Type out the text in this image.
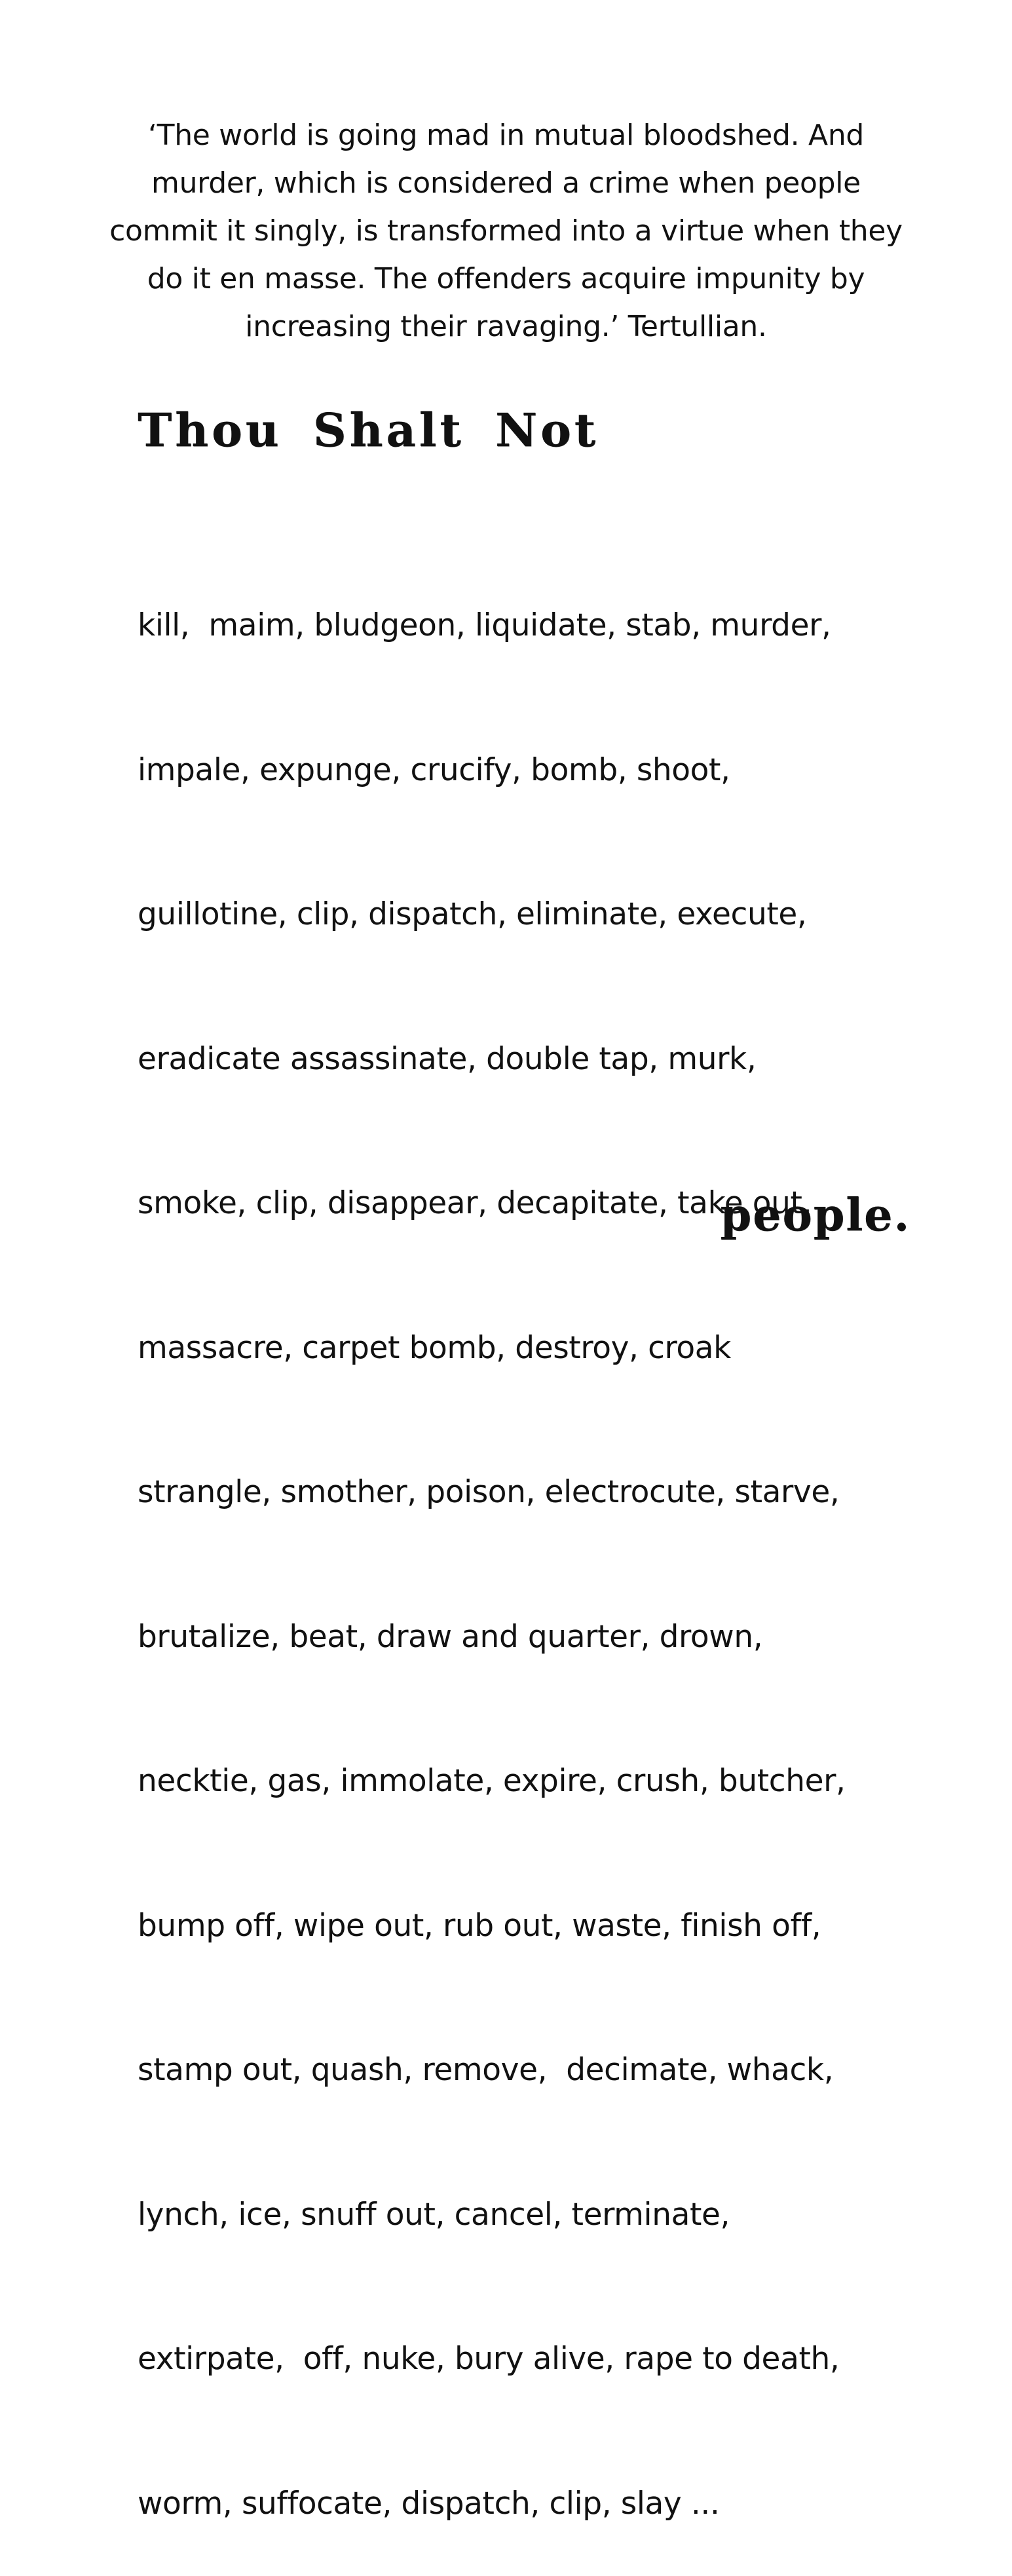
‘The world is going mad in mutual bloodshed. And
murder, which is considered a crime when people
commit it singly, is transformed into a virtue when they
do it en masse. The offenders acquire impunity by
increasing their ravaging.’ Tertullian.

Thou Shalt Not

kill,  maim, bludgeon, liquidate, stab, murder,

impale, expunge, crucify, bomb, shoot,

guillotine, clip, dispatch, eliminate, execute,

eradicate assassinate, double tap, murk,

smoke, clip, disappear, decapitate, take out,

massacre, carpet bomb, destroy, croak

strangle, smother, poison, electrocute, starve,

brutalize, beat, draw and quarter, drown,

necktie, gas, immolate, expire, crush, butcher,

bump off, wipe out, rub out, waste, finish off,

stamp out, quash, remove,  decimate, whack,

lynch, ice, snuff out, cancel, terminate,

extirpate,  off, nuke, bury alive, rape to death,

worm, suffocate, dispatch, clip, slay ...

people.
